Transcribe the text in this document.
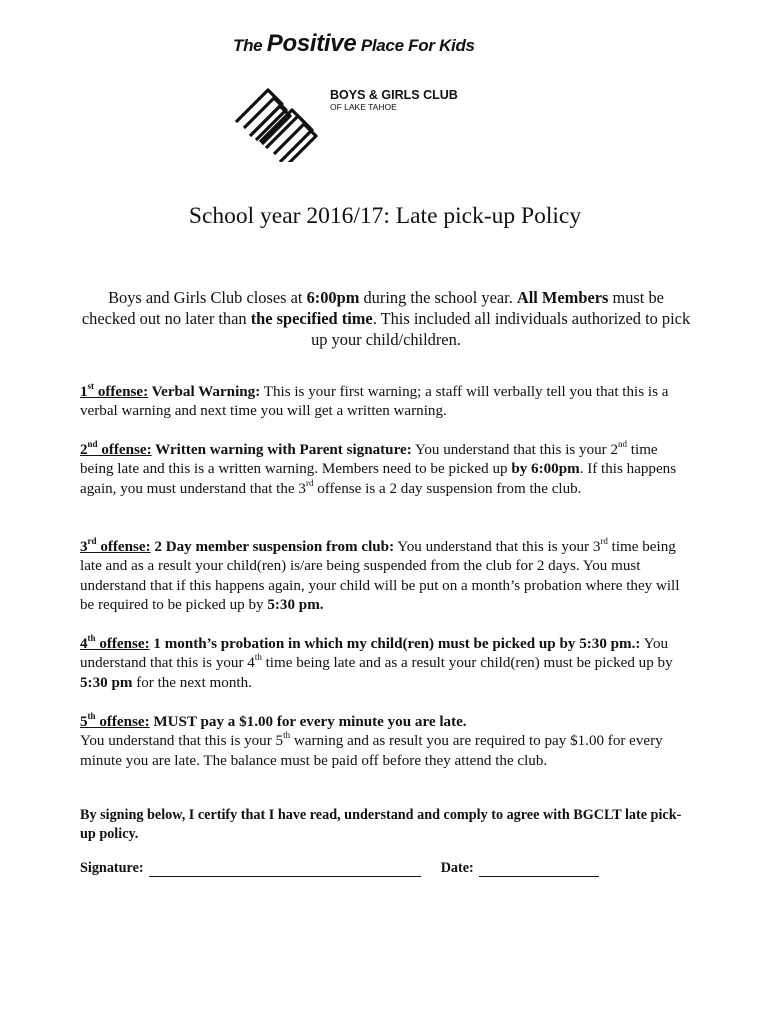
The Positive Place For Kids
BOYS & GIRLS CLUB
OF LAKE TAHOE
School year 2016/17: Late pick-up Policy
Boys and Girls Club closes at 6:00pm during the school year. All Members must be checked out no later than the specified time. This included all individuals authorized to pick up your child/children.
1st offense: Verbal Warning: This is your first warning; a staff will verbally tell you that this is a verbal warning and next time you will get a written warning.
2nd offense: Written warning with Parent signature: You understand that this is your 2nd time being late and this is a written warning. Members need to be picked up by 6:00pm. If this happens again, you must understand that the 3rd offense is a 2 day suspension from the club.
3rd offense: 2 Day member suspension from club: You understand that this is your 3rd time being late and as a result your child(ren) is/are being suspended from the club for 2 days. You must understand that if this happens again, your child will be put on a month’s probation where they will be required to be picked up by 5:30 pm.
4th offense: 1 month’s probation in which my child(ren) must be picked up by 5:30 pm.: You understand that this is your 4th time being late and as a result your child(ren) must be picked up by 5:30 pm for the next month.
5th offense: MUST pay a $1.00 for every minute you are late.
You understand that this is your 5th warning and as result you are required to pay $1.00 for every minute you are late. The balance must be paid off before they attend the club.
By signing below, I certify that I have read, understand and comply to agree with BGCLT late pick-up policy.
Signature:	Date:
